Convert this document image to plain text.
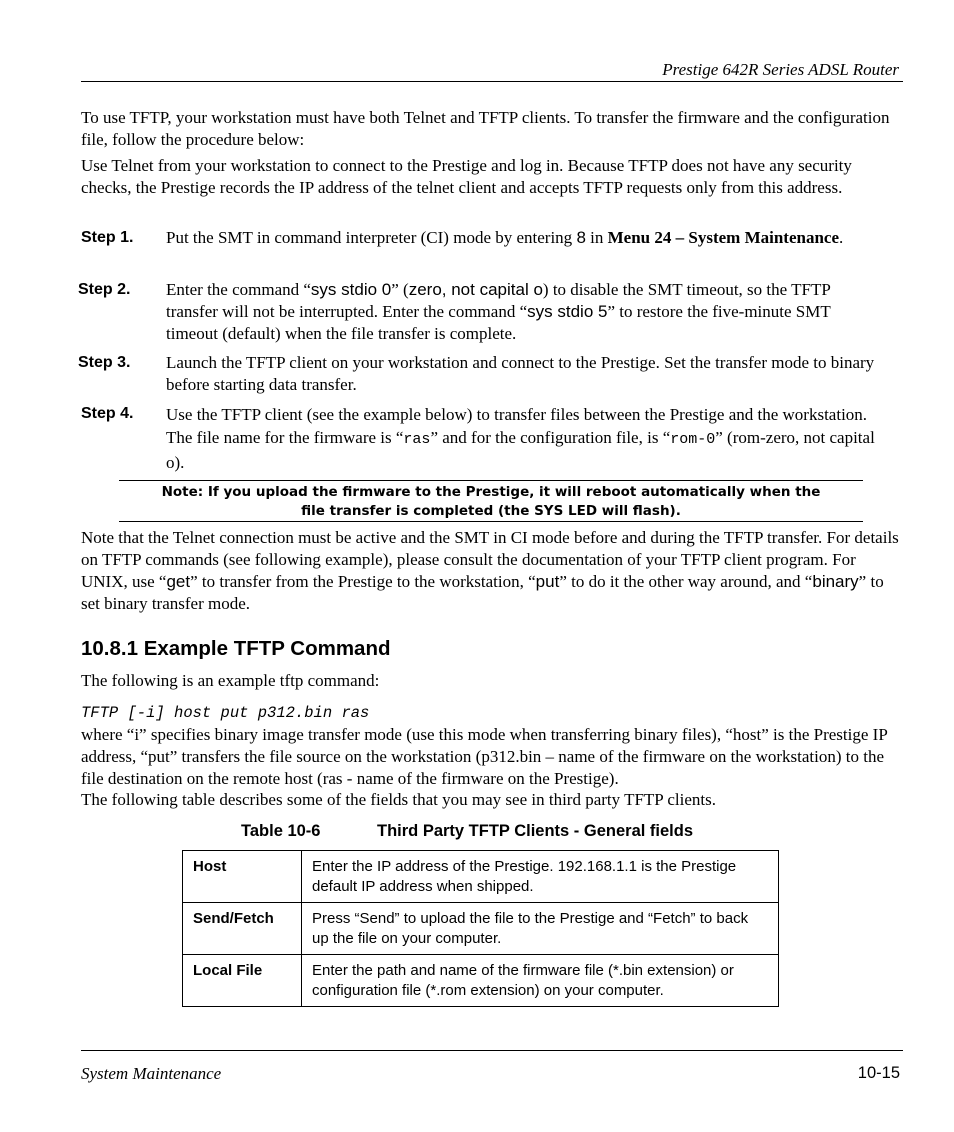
Prestige 642R Series ADSL Router
To use TFTP, your workstation must have both Telnet and TFTP clients. To transfer the firmware and the configuration file, follow the procedure below:
Use Telnet from your workstation to connect to the Prestige and log in. Because TFTP does not have any security checks, the Prestige records the IP address of the telnet client and accepts TFTP requests only from this address.
Step 1. Put the SMT in command interpreter (CI) mode by entering 8 in Menu 24 – System Maintenance.
Step 2. Enter the command “sys stdio 0” (zero, not capital o) to disable the SMT timeout, so the TFTP transfer will not be interrupted. Enter the command “sys stdio 5” to restore the five-minute SMT timeout (default) when the file transfer is complete.
Step 3. Launch the TFTP client on your workstation and connect to the Prestige. Set the transfer mode to binary before starting data transfer.
Step 4. Use the TFTP client (see the example below) to transfer files between the Prestige and the workstation. The file name for the firmware is “ras” and for the configuration file, is “rom-0” (rom-zero, not capital o).
Note: If you upload the firmware to the Prestige, it will reboot automatically when the
file transfer is completed (the SYS LED will flash).
Note that the Telnet connection must be active and the SMT in CI mode before and during the TFTP transfer. For details on TFTP commands (see following example), please consult the documentation of your TFTP client program. For UNIX, use “get” to transfer from the Prestige to the workstation, “put” to do it the other way around, and “binary” to set binary transfer mode.
10.8.1 Example TFTP Command
The following is an example tftp command:
TFTP [-i] host put p312.bin ras
where “i” specifies binary image transfer mode (use this mode when transferring binary files), “host” is the Prestige IP address, “put” transfers the file source on the workstation (p312.bin – name of the firmware on the workstation) to the file destination on the remote host (ras - name of the firmware on the Prestige).
The following table describes some of the fields that you may see in third party TFTP clients.
Table 10-6	Third Party TFTP Clients - General fields
Host	Enter the IP address of the Prestige. 192.168.1.1 is the Prestige default IP address when shipped.
Send/Fetch	Press “Send” to upload the file to the Prestige and “Fetch” to back up the file on your computer.
Local File	Enter the path and name of the firmware file (*.bin extension) or configuration file (*.rom extension) on your computer.
System Maintenance	10-15
